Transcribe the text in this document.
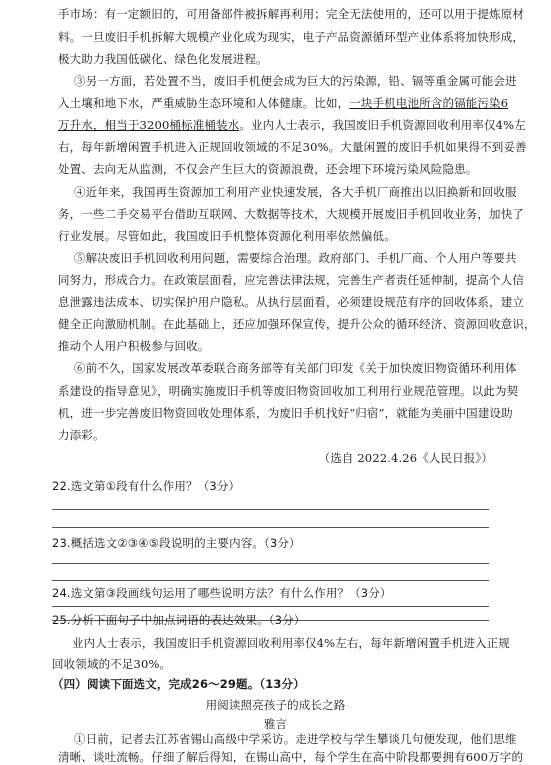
手市场：有一定额旧的，可用备部件被拆解再利用；完全无法使用的，还可以用于提炼原材
料。一旦废旧手机拆解大规模产业化成为现实，电子产品资源循环型产业体系将加快形成，
极大助力我国低碳化、绿色化发展进程。
③另一方面，若处置不当，废旧手机便会成为巨大的污染源，铅、镉等重金属可能会进
入土壤和地下水，严重威胁生态环境和人体健康。比如，一块手机电池所含的镉能污染6
万升水，相当于3200桶标准桶装水。业内人士表示，我国废旧手机资源回收利用率仅4%左
右，每年新增闲置手机进入正规回收领域的不足30%。大量闲置的废旧手机如果得不到妥善
处置、去向无从监测，不仅会产生巨大的资源浪费，还会埋下环境污染风险隐患。
④近年来，我国再生资源加工利用产业快速发展，各大手机厂商推出以旧换新和回收服
务，一些二手交易平台借助互联网、大数据等技术，大规模开展废旧手机回收业务，加快了
行业发展。尽管如此，我国废旧手机整体资源化利用率依然偏低。
⑤解决废旧手机回收利用问题，需要综合治理。政府部门、手机厂商、个人用户等要共
同努力，形成合力。在政策层面看，应完善法律法规，完善生产者责任延伸制，提高个人信
息泄露违法成本、切实保护用户隐私。从执行层面看，必须建设规范有序的回收体系，建立
健全正向激励机制。在此基础上，还应加强环保宣传，提升公众的循环经济、资源回收意识，
推动个人用户积极参与回收。
⑥前不久，国家发展改革委联合商务部等有关部门印发《关于加快废旧物资循环利用体
系建设的指导意见》，明确实施废旧手机等废旧物资回收加工利用行业规范管理。以此为契
机，进一步完善废旧物资回收处理体系，为废旧手机找好“归宿”，就能为美丽中国建设助
力添彩。
（选自 2022.4.26《人民日报》）
22.选文第①段有什么作用？（3分）
23.概括选文②③④⑤段说明的主要内容。（3分）
24.选文第③段画线句运用了哪些说明方法？有什么作用？（3分）
25.分析下面句子中加点词语的表达效果。（3分）
业内人士表示，我国废旧手机资源回收利用率仅4%左右，每年新增闲置手机进入正规
回收领域的不足30%。
（四）阅读下面选文，完成26～29题。（13分）
用阅读照亮孩子的成长之路
雅言
①日前，记者去江苏省锡山高级中学采访。走进学校与学生攀谈几句便发现，他们思维
清晰、谈吐流畅。仔细了解后得知，在锡山高中，每个学生在高中阶段都要拥有600万字的
